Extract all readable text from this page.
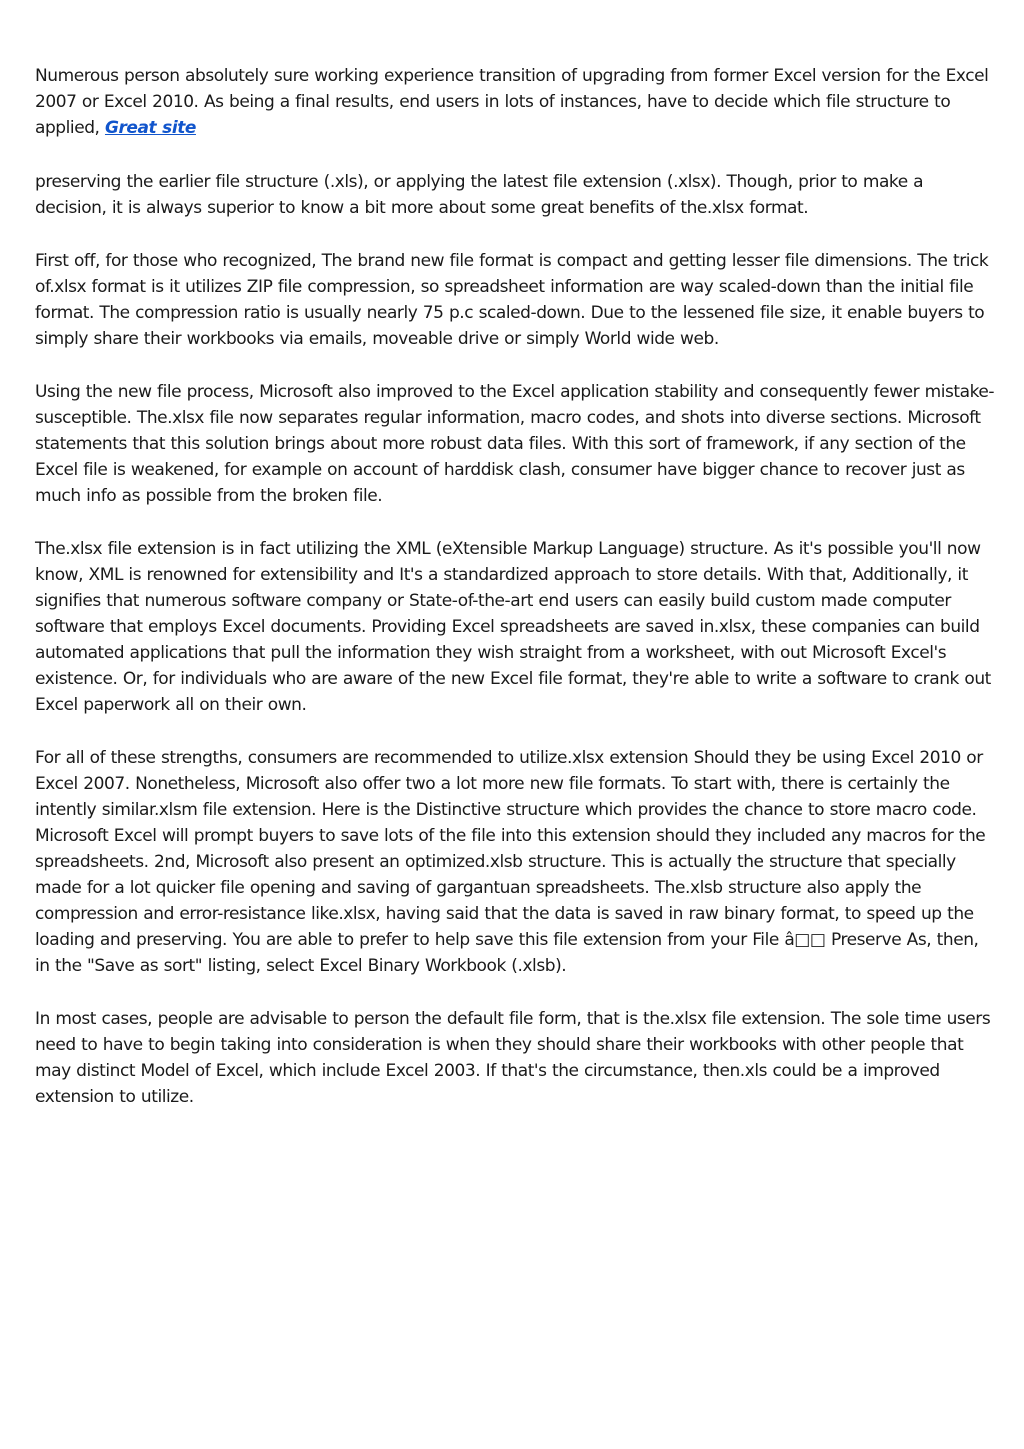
Numerous person absolutely sure working experience transition of upgrading from former Excel version for the Excel 2007 or Excel 2010. As being a final results, end users in lots of instances, have to decide which file structure to applied, Great site

preserving the earlier file structure (.xls), or applying the latest file extension (.xlsx). Though, prior to make a decision, it is always superior to know a bit more about some great benefits of the.xlsx format.

First off, for those who recognized, The brand new file format is compact and getting lesser file dimensions. The trick of.xlsx format is it utilizes ZIP file compression, so spreadsheet information are way scaled-down than the initial file format. The compression ratio is usually nearly 75 p.c scaled-down. Due to the lessened file size, it enable buyers to simply share their workbooks via emails, moveable drive or simply World wide web.

Using the new file process, Microsoft also improved to the Excel application stability and consequently fewer mistake-susceptible. The.xlsx file now separates regular information, macro codes, and shots into diverse sections. Microsoft statements that this solution brings about more robust data files. With this sort of framework, if any section of the Excel file is weakened, for example on account of harddisk clash, consumer have bigger chance to recover just as much info as possible from the broken file.

The.xlsx file extension is in fact utilizing the XML (eXtensible Markup Language) structure. As it's possible you'll now know, XML is renowned for extensibility and It's a standardized approach to store details. With that, Additionally, it signifies that numerous software company or State-of-the-art end users can easily build custom made computer software that employs Excel documents. Providing Excel spreadsheets are saved in.xlsx, these companies can build automated applications that pull the information they wish straight from a worksheet, with out Microsoft Excel's existence. Or, for individuals who are aware of the new Excel file format, they're able to write a software to crank out Excel paperwork all on their own.

For all of these strengths, consumers are recommended to utilize.xlsx extension Should they be using Excel 2010 or Excel 2007. Nonetheless, Microsoft also offer two a lot more new file formats. To start with, there is certainly the intently similar.xlsm file extension. Here is the Distinctive structure which provides the chance to store macro code. Microsoft Excel will prompt buyers to save lots of the file into this extension should they included any macros for the spreadsheets. 2nd, Microsoft also present an optimized.xlsb structure. This is actually the structure that specially made for a lot quicker file opening and saving of gargantuan spreadsheets. The.xlsb structure also apply the compression and error-resistance like.xlsx, having said that the data is saved in raw binary format, to speed up the loading and preserving. You are able to prefer to help save this file extension from your File â□□ Preserve As, then, in the "Save as sort" listing, select Excel Binary Workbook (.xlsb).

In most cases, people are advisable to person the default file form, that is the.xlsx file extension. The sole time users need to have to begin taking into consideration is when they should share their workbooks with other people that may distinct Model of Excel, which include Excel 2003. If that's the circumstance, then.xls could be a improved extension to utilize.
